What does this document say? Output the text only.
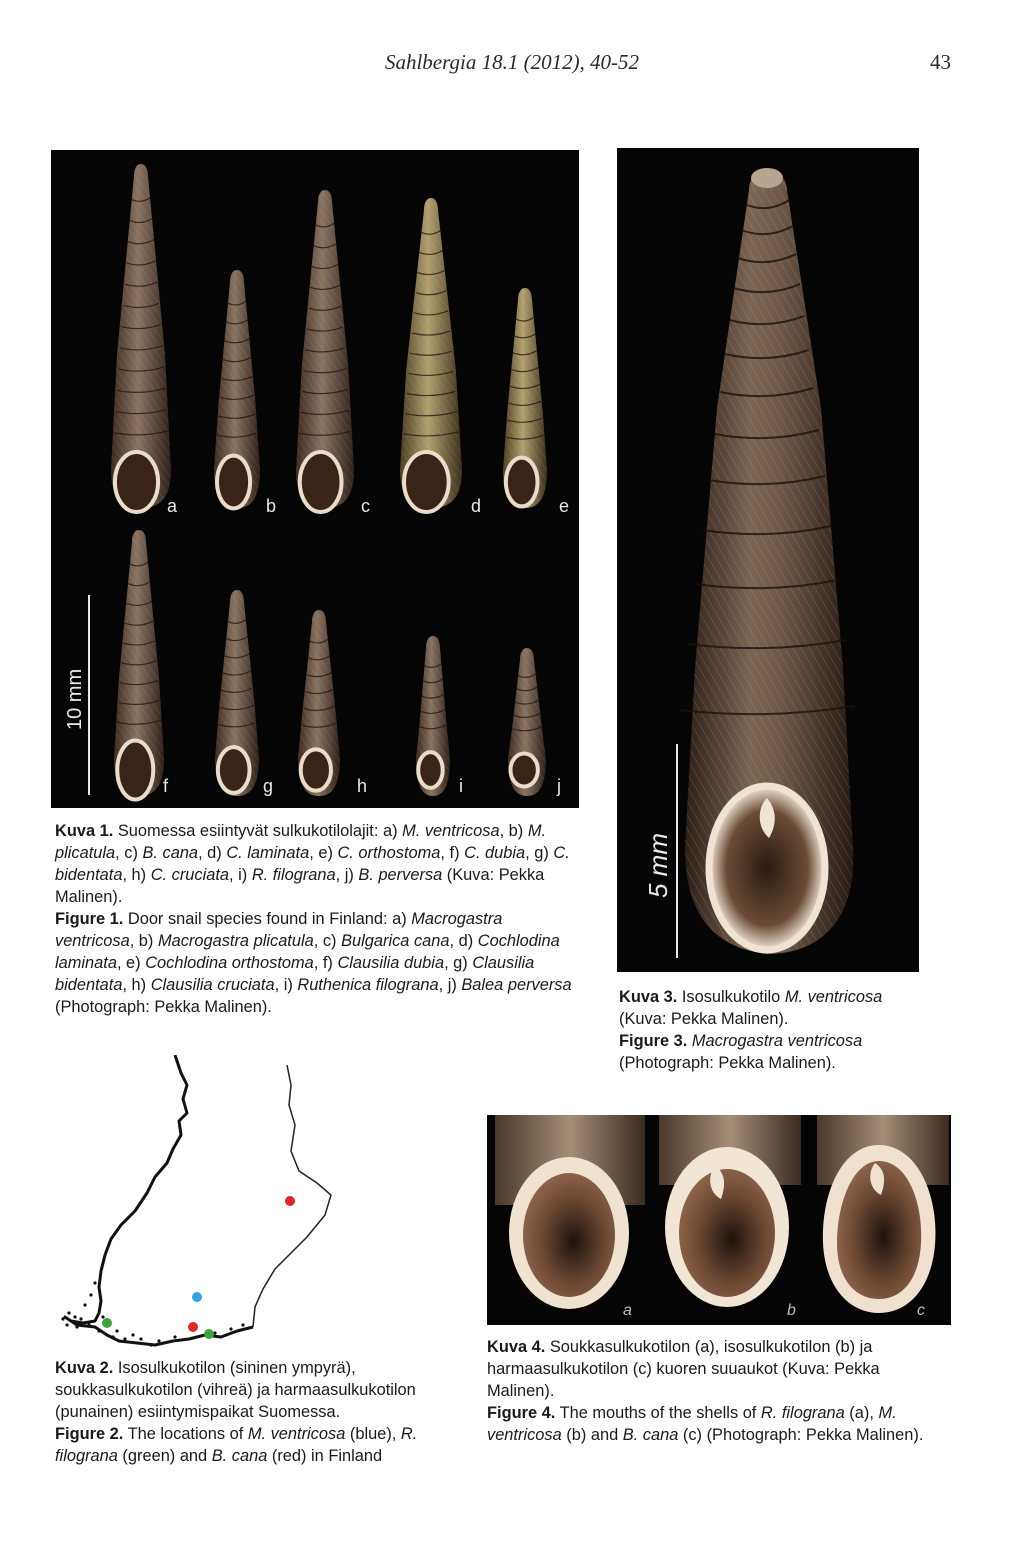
Sahlbergia 18.1 (2012), 40-52	43
a	b	c	d	e
f	g	h	i	j
10 mm
5 mm
a	b	c

Kuva 1. Suomessa esiintyvät sulkukotilolajit: a) M. ventricosa, b) M. plicatula, c) B. cana, d) C. laminata, e) C. orthostoma, f) C. dubia, g) C. bidentata, h) C. cruciata, i) R. filograna, j) B. perversa (Kuva: Pekka Malinen).

Figure 1. Door snail species found in Finland: a) Macrogastra ventricosa, b) Macrogastra plicatula, c) Bulgarica cana, d) Cochlodina laminata, e) Cochlodina orthostoma, f) Clausilia dubia, g) Clausilia bidentata, h) Clausilia cruciata, i) Ruthenica filograna, j) Balea perversa (Photograph: Pekka Malinen).

Kuva 3. Isosulkukotilo M. ventricosa (Kuva: Pekka Malinen).

Figure 3. Macrogastra ventricosa (Photograph: Pekka Malinen).

Kuva 2. Isosulkukotilon (sininen ympyrä), soukkasulkukotilon (vihreä) ja harmaasulkukotilon (punainen) esiintymispaikat Suomessa.

Figure 2. The locations of M. ventricosa (blue), R. filograna (green) and B. cana (red) in Finland

Kuva 4. Soukkasulkukotilon (a), isosulkukotilon (b) ja harmaasulkukotilon (c) kuoren suuaukot (Kuva: Pekka Malinen).

Figure 4. The mouths of the shells of R. filograna (a), M. ventricosa (b) and B. cana (c) (Photograph: Pekka Malinen).
